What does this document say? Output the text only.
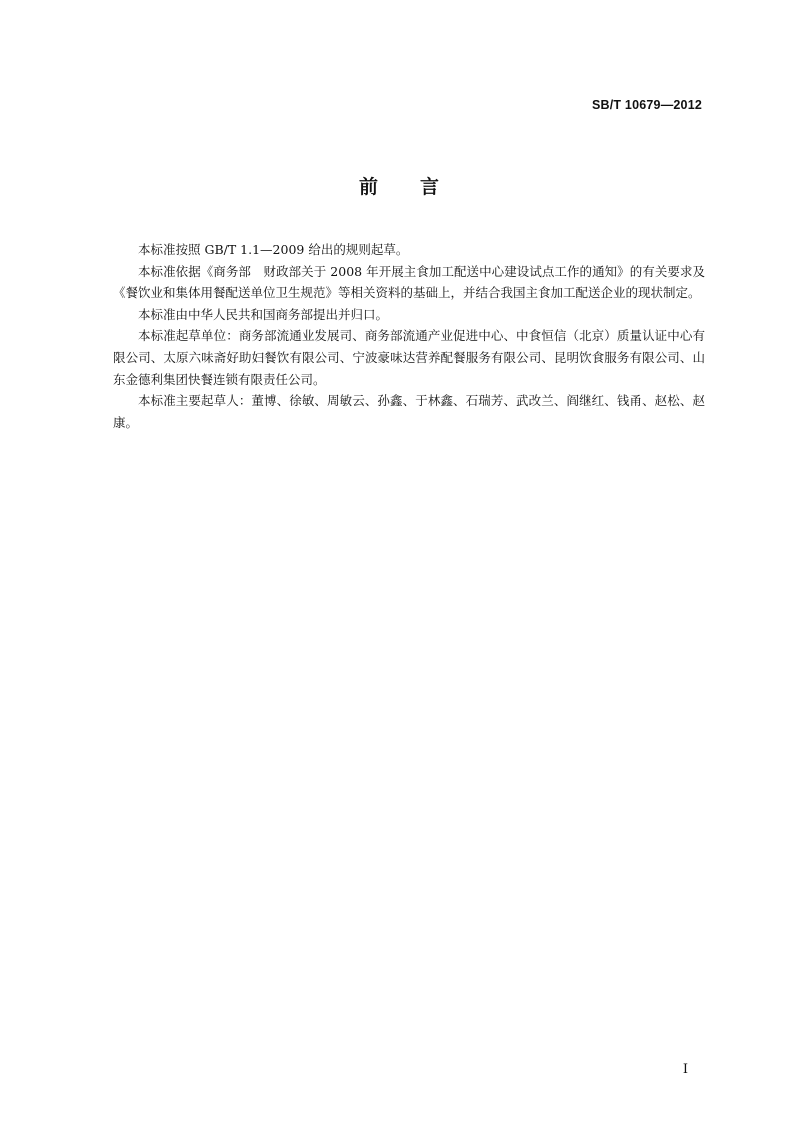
SB/T 10679—2012
前 言

本标准按照 GB/T 1.1—2009 给出的规则起草。

本标准依据《商务部　财政部关于 2008 年开展主食加工配送中心建设试点工作的通知》的有关要求及《餐饮业和集体用餐配送单位卫生规范》等相关资料的基础上，并结合我国主食加工配送企业的现状制定。

本标准由中华人民共和国商务部提出并归口。

本标准起草单位：商务部流通业发展司、商务部流通产业促进中心、中食恒信（北京）质量认证中心有限公司、太原六味斋好助妇餐饮有限公司、宁波豪味达营养配餐服务有限公司、昆明饮食服务有限公司、山东金德利集团快餐连锁有限责任公司。

本标准主要起草人：董博、徐敏、周敏云、孙鑫、于林鑫、石瑞芳、武改兰、阎继红、钱甬、赵松、赵康。

I
